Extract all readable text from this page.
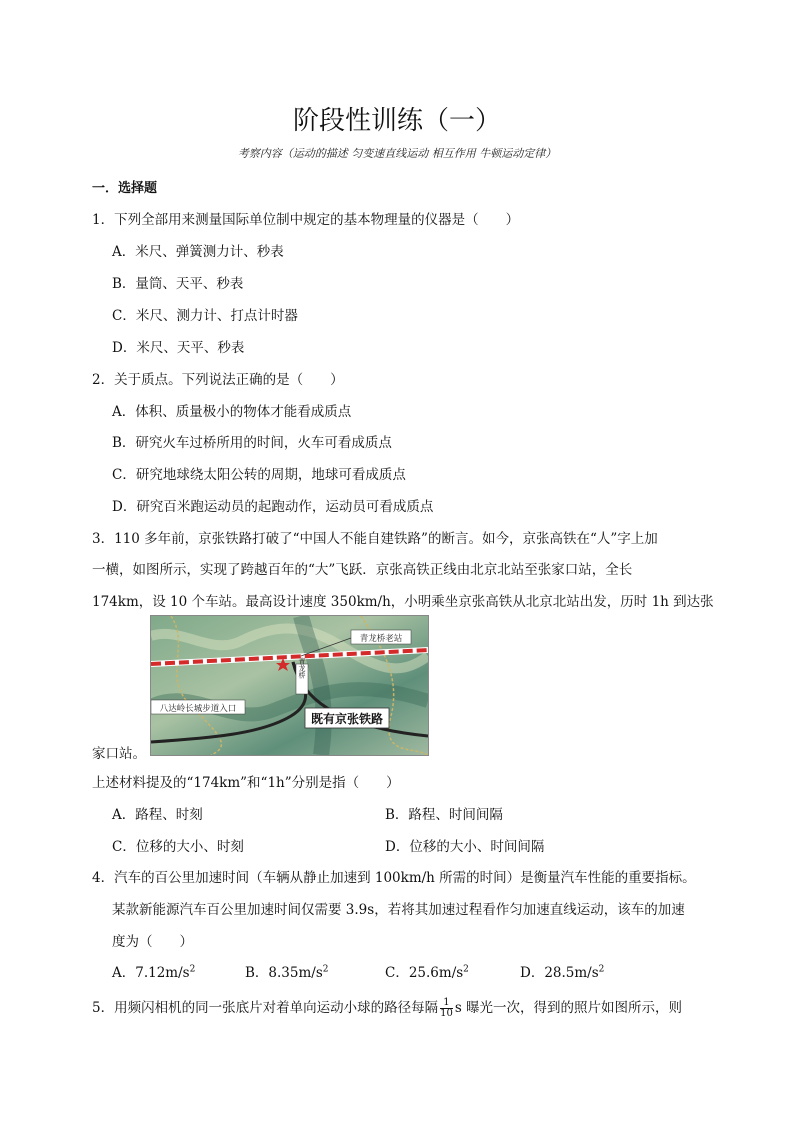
阶段性训练（一）
考察内容（运动的描述 匀变速直线运动 相互作用 牛顿运动定律）
一．选择题
1．下列全部用来测量国际单位制中规定的基本物理量的仪器是（　　）
A．米尺、弹簧测力计、秒表
B．量筒、天平、秒表
C．米尺、测力计、打点计时器
D．米尺、天平、秒表
2．关于质点。下列说法正确的是（　　）
A．体积、质量极小的物体才能看成质点
B．研究火车过桥所用的时间，火车可看成质点
C．研究地球绕太阳公转的周期，地球可看成质点
D．研究百米跑运动员的起跑动作，运动员可看成质点
3．110 多年前，京张铁路打破了“中国人不能自建铁路”的断言。如今，京张高铁在“人”字上加
一横，如图所示，实现了跨越百年的“大”飞跃．京张高铁正线由北京北站至张家口站，全长
174km，设 10 个车站。最高设计速度 350km/h，小明乘坐京张高铁从北京北站出发，历时 1h 到达张
青龙桥老站
青龙桥
八达岭长城步道入口
既有京张铁路
家口站。
上述材料提及的“174km”和“1h”分别是指（　　）
A．路程、时刻	B．路程、时间间隔
C．位移的大小、时刻	D．位移的大小、时间间隔
4．汽车的百公里加速时间（车辆从静止加速到 100km/h 所需的时间）是衡量汽车性能的重要指标。
某款新能源汽车百公里加速时间仅需要 3.9s，若将其加速过程看作匀加速直线运动，该车的加速
度为（　　）
A．$7.12m/s^2$	B．$8.35m/s^2$	C．$25.6m/s^2$	D．$28.5m/s^2$
5．用频闪相机的同一张底片对着单向运动小球的路径每隔 $\frac{1}{10}$ s 曝光一次，得到的照片如图所示，则
